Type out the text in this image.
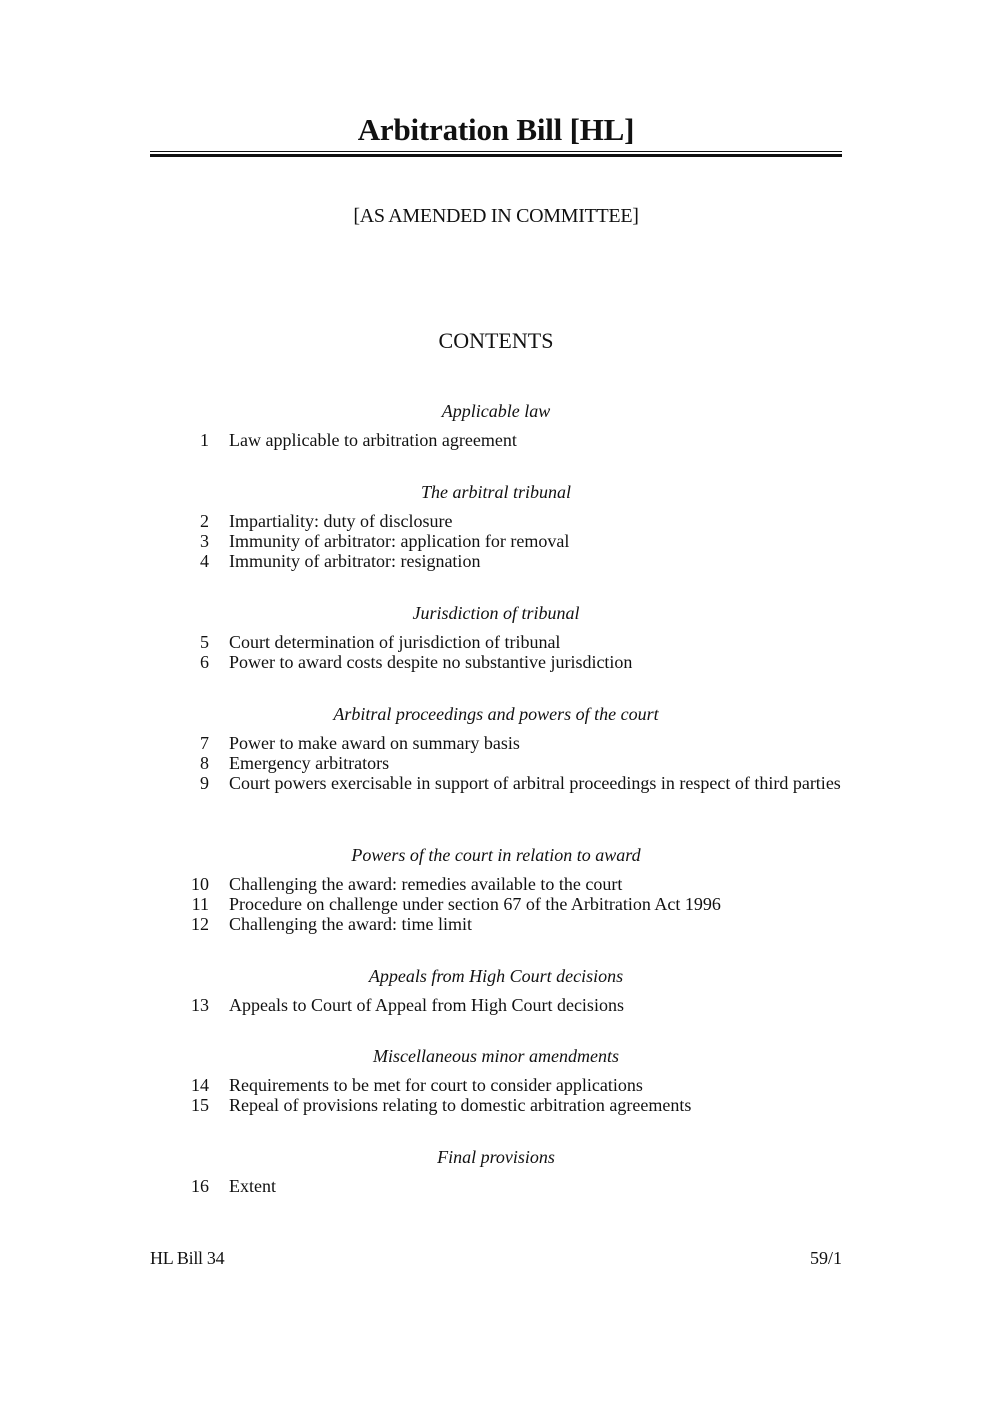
Arbitration Bill [HL]
[AS AMENDED IN COMMITTEE]
CONTENTS
Applicable law
1 Law applicable to arbitration agreement
The arbitral tribunal
2 Impartiality: duty of disclosure
3 Immunity of arbitrator: application for removal
4 Immunity of arbitrator: resignation
Jurisdiction of tribunal
5 Court determination of jurisdiction of tribunal
6 Power to award costs despite no substantive jurisdiction
Arbitral proceedings and powers of the court
7 Power to make award on summary basis
8 Emergency arbitrators
9 Court powers exercisable in support of arbitral proceedings in respect of third parties
Powers of the court in relation to award
10 Challenging the award: remedies available to the court
11 Procedure on challenge under section 67 of the Arbitration Act 1996
12 Challenging the award: time limit
Appeals from High Court decisions
13 Appeals to Court of Appeal from High Court decisions
Miscellaneous minor amendments
14 Requirements to be met for court to consider applications
15 Repeal of provisions relating to domestic arbitration agreements
Final provisions
16 Extent
HL Bill 34	59/1
